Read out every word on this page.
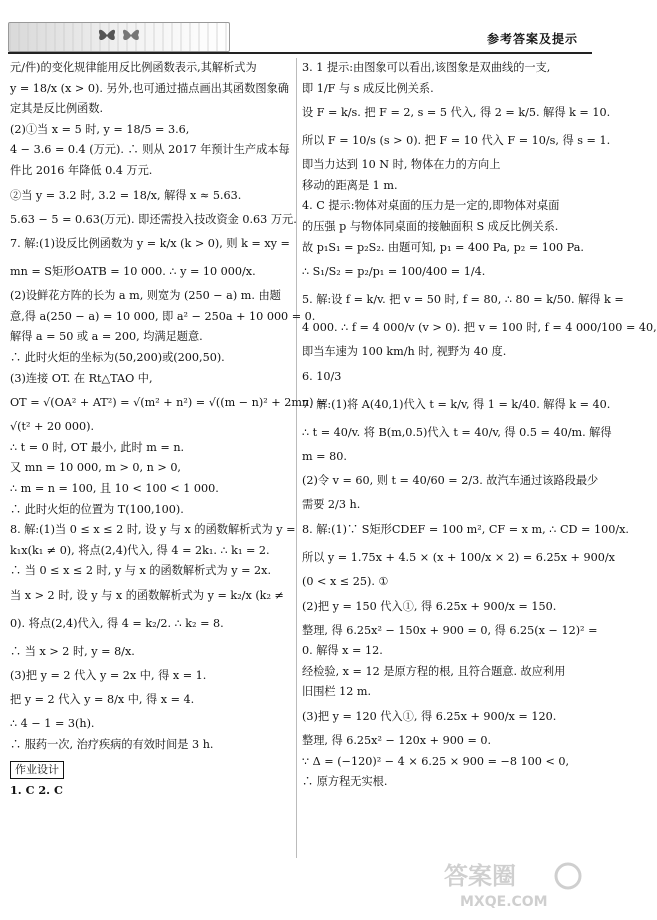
参考答案及提示
元/件)的变化规律能用反比例函数表示,其解析式为
y = 18/x (x > 0). 另外,也可通过描点画出其函数图象确
定其是反比例函数.
(2)①当 x = 5 时, y = 18/5 = 3.6,
4 − 3.6 = 0.4 (万元). ∴ 则从 2017 年预计生产成本每
件比 2016 年降低 0.4 万元.
②当 y = 3.2 时, 3.2 = 18/x, 解得 x ≈ 5.63.
5.63 − 5 = 0.63(万元). 即还需投入技改资金 0.63 万元.
7. 解:(1)设反比例函数为 y = k/x (k > 0), 则 k = xy =
mn = S矩形OATB = 10 000. ∴ y = 10 000/x.
(2)设鲜花方阵的长为 a m, 则宽为 (250 − a) m. 由题
意,得 a(250 − a) = 10 000, 即 a² − 250a + 10 000 = 0.
解得 a = 50 或 a = 200, 均满足题意.
∴ 此时火炬的坐标为(50,200)或(200,50).
(3)连接 OT. 在 Rt△TAO 中,
OT = √(OA² + AT²) = √(m² + n²) = √((m − n)² + 2mn) =
√(t² + 20 000).
∴ t = 0 时, OT 最小, 此时 m = n.
又 mn = 10 000, m > 0, n > 0,
∴ m = n = 100, 且 10 < 100 < 1 000.
∴ 此时火炬的位置为 T(100,100).
8. 解:(1)当 0 ≤ x ≤ 2 时, 设 y 与 x 的函数解析式为 y =
k₁x(k₁ ≠ 0), 将点(2,4)代入, 得 4 = 2k₁. ∴ k₁ = 2.
∴ 当 0 ≤ x ≤ 2 时, y 与 x 的函数解析式为 y = 2x.
当 x > 2 时, 设 y 与 x 的函数解析式为 y = k₂/x (k₂ ≠
0). 将点(2,4)代入, 得 4 = k₂/2. ∴ k₂ = 8.
∴ 当 x > 2 时, y = 8/x.
(3)把 y = 2 代入 y = 2x 中, 得 x = 1.
把 y = 2 代入 y = 8/x 中, 得 x = 4.
∴ 4 − 1 = 3(h).
∴ 服药一次, 治疗疾病的有效时间是 3 h.
作业设计
1. C 2. C
3. 1 提示:由图象可以看出,该图象是双曲线的一支,
即 1/F 与 s 成反比例关系.
设 F = k/s. 把 F = 2, s = 5 代入, 得 2 = k/5. 解得 k = 10.
所以 F = 10/s (s > 0). 把 F = 10 代入 F = 10/s, 得 s = 1.
即当力达到 10 N 时, 物体在力的方向上
移动的距离是 1 m.
4. C 提示:物体对桌面的压力是一定的,即物体对桌面
的压强 p 与物体同桌面的接触面积 S 成反比例关系.
故 p₁S₁ = p₂S₂. 由题可知, p₁ = 400 Pa, p₂ = 100 Pa.
∴ S₁/S₂ = p₂/p₁ = 100/400 = 1/4.
5. 解:设 f = k/v. 把 v = 50 时, f = 80, ∴ 80 = k/50. 解得 k =
4 000. ∴ f = 4 000/v (v > 0). 把 v = 100 时, f = 4 000/100 = 40,
即当车速为 100 km/h 时, 视野为 40 度.
6. 10/3
7. 解:(1)将 A(40,1)代入 t = k/v, 得 1 = k/40. 解得 k = 40.
∴ t = 40/v. 将 B(m,0.5)代入 t = 40/v, 得 0.5 = 40/m. 解得
m = 80.
(2)令 v = 60, 则 t = 40/60 = 2/3. 故汽车通过该路段最少
需要 2/3 h.
8. 解:(1)∵ S矩形CDEF = 100 m², CF = x m, ∴ CD = 100/x.
所以 y = 1.75x + 4.5 × (x + 100/x × 2) = 6.25x + 900/x
(0 < x ≤ 25). ①
(2)把 y = 150 代入①, 得 6.25x + 900/x = 150.
整理, 得 6.25x² − 150x + 900 = 0, 得 6.25(x − 12)² =
0. 解得 x = 12.
经检验, x = 12 是原方程的根, 且符合题意. 故应利用
旧围栏 12 m.
(3)把 y = 120 代入①, 得 6.25x + 900/x = 120.
整理, 得 6.25x² − 120x + 900 = 0.
∵ Δ = (−120)² − 4 × 6.25 × 900 = −8 100 < 0,
∴ 原方程无实根.
答案圈
MXQE.COM
